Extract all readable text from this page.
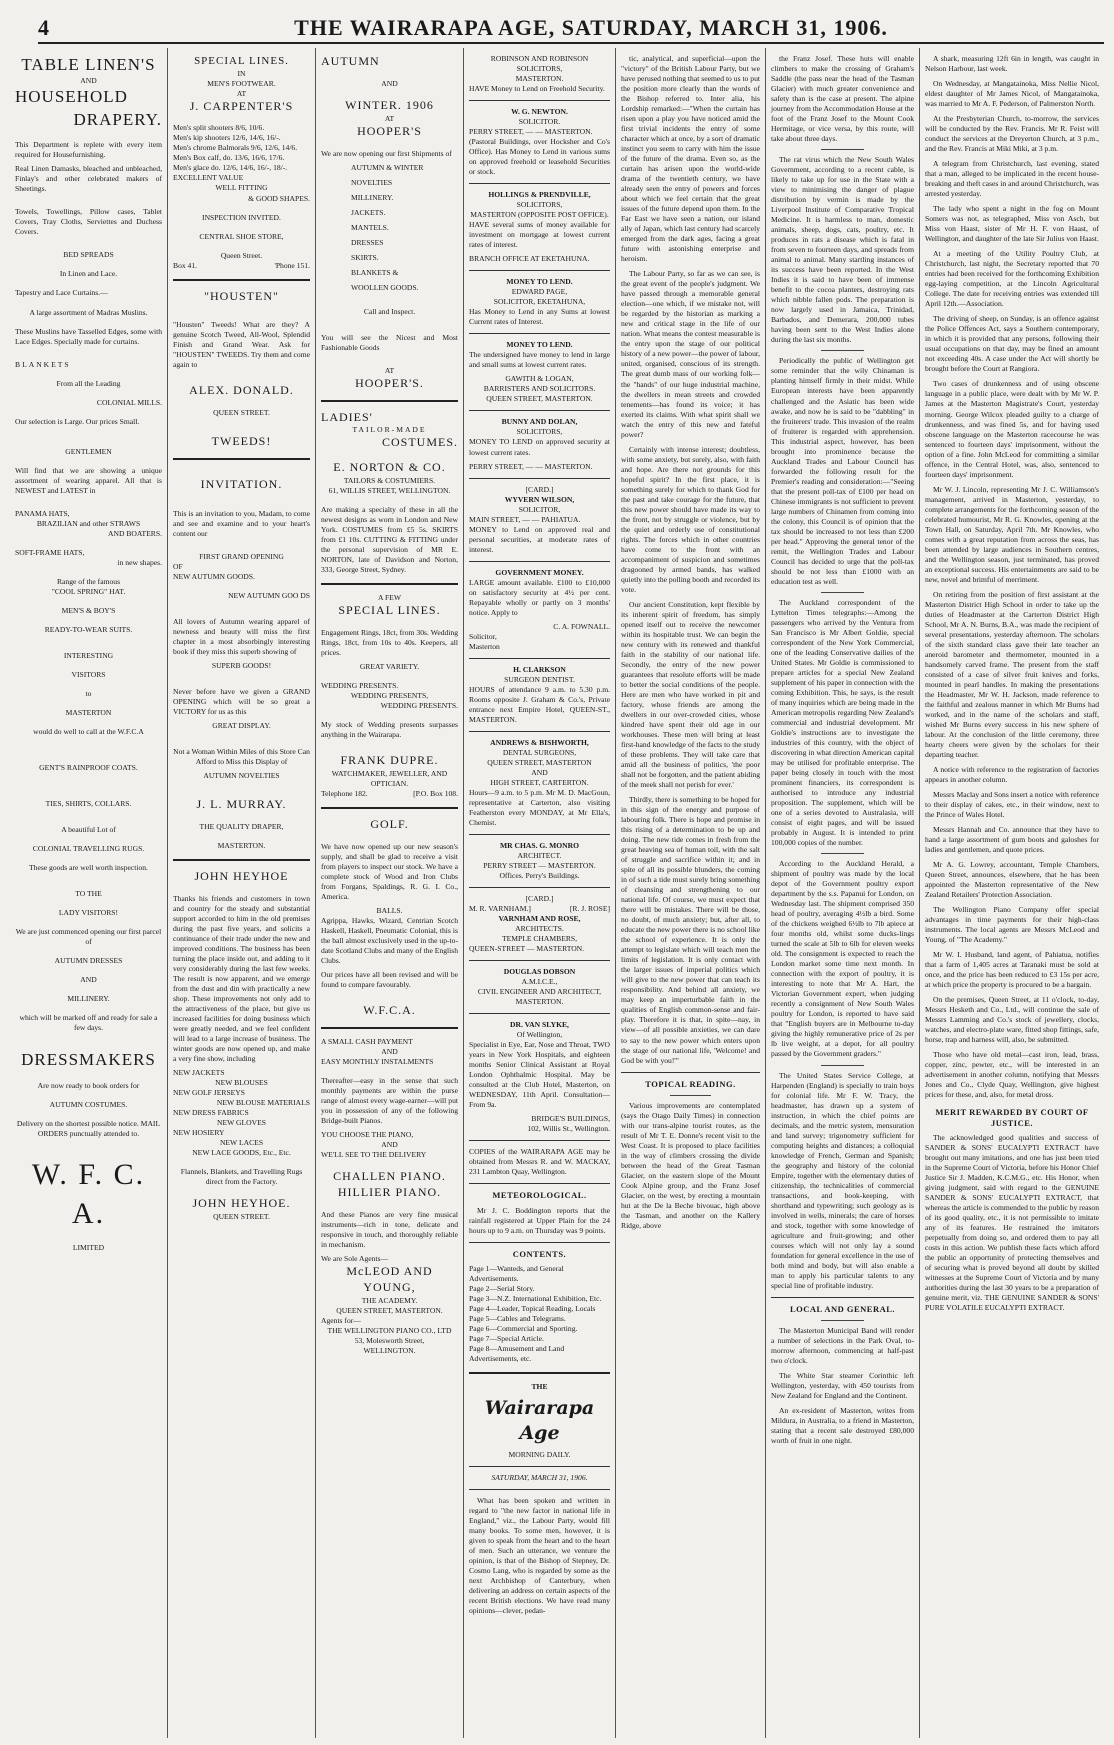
4	THE WAIRARAPA AGE, SATURDAY, MARCH 31, 1906.
TABLE LINEN'S
AND
HOUSEHOLD
DRAPERY.
This Department is replete with every item required for Housefurnishing.
Real Linen Damasks, bleached and unbleached, Finlay's and other celebrated makers of Sheetings.
Towels, Towellings, Pillow cases, Tablet Covers, Tray Cloths, Serviettes and Duchess Covers.
BED SPREADS
In Linen and Lace.
Tapestry and Lace Curtains.—
A large assortment of Madras Muslins.
These Muslins have Tasselled Edges, some with Lace Edges. Specially made for curtains.
BLANKETS
From all the Leading
COLONIAL MILLS.
Our selection is Large. Our prices Small.
GENTLEMEN
Will find that we are showing a unique assortment of wearing apparel. All that is NEWEST and LATEST in
PANAMA HATS,
BRAZILIAN and other STRAWS
AND BOATERS.
SOFT-FRAME HATS,
in new shapes.
Range of the famous
"COOL SPRING" HAT.
MEN'S & BOY'S
READY-TO-WEAR SUITS.
INTERESTING
VISITORS
to
MASTERTON
would do well to call at the W.F.C.A
GENT'S RAINPROOF COATS.
TIES, SHIRTS, COLLARS.
A beautiful Lot of
COLONIAL TRAVELLING RUGS.
These goods are well worth inspection.
TO THE
LADY VISITORS!
We are just commenced opening our first parcel of
AUTUMN DRESSES
AND
MILLINERY.
which will be marked off and ready for sale a few days.
DRESSMAKERS
Are now ready to book orders for
AUTUMN COSTUMES.
Delivery on the shortest possible notice. MAIL ORDERS punctually attended to.
W. F. C. A.
LIMITED
SPECIAL LINES.
IN
MEN'S FOOTWEAR.
AT
J. CARPENTER'S
Men's split shooters 8/6, 10/6.
Men's kip shooters 12/6, 14/6, 16/-.
Men's chrome Balmorals 9/6, 12/6, 14/6.
Men's Box calf, do. 13/6, 16/6, 17/6.
Men's glace do. 12/6, 14/6, 16/-, 18/-.
EXCELLENT VALUE
WELL FITTING
& GOOD SHAPES.
INSPECTION INVITED.
CENTRAL SHOE STORE,
Queen Street.
Box 41.	'Phone 151.
"HOUSTEN"
"Housten" Tweeds! What are they? A genuine Scotch Tweed, All-Wool, Splendid Finish and Grand Wear. Ask for "HOUSTEN" TWEEDS. Try them and come again to
ALEX. DONALD.
QUEEN STREET.
TWEEDS!
INVITATION.
This is an invitation to you, Madam, to come and see and examine and to your heart's content our
FIRST GRAND OPENING
OF
NEW AUTUMN GOODS.
NEW AUTUMN GOO DS
All lovers of Autumn wearing apparel of newness and beauty will miss the first chapter in a most absorbingly interesting book if they miss this superb showing of
SUPERB GOODS!
Never before have we given a GRAND OPENING which will be so great a VICTORY for us as this
GREAT DISPLAY.
Not a Woman Within Miles of this Store Can Afford to Miss this Display of
AUTUMN NOVELTIES
J. L. MURRAY.
THE QUALITY DRAPER,
MASTERTON.
JOHN HEYHOE
Thanks his friends and customers in town and country for the steady and substantial support accorded to him in the old premises during the past five years, and solicits a continuance of their trade under the new and improved conditions. The business has been turning the place inside out, and adding to it very considerably during the last few weeks. The result is now apparent, and we emerge from the dust and din with practically a new shop. These improvements not only add to the attractiveness of the place, but give us increased facilities for doing business which were greatly needed, and we feel confident will lead to a large increase of business. The winter goods are now opened up, and make a very fine show, including
NEW JACKETS
NEW BLOUSES
NEW GOLF JERSEYS
NEW BLOUSE MATERIALS
NEW DRESS FABRICS
NEW GLOVES
NEW HOSIERY
NEW LACES
NEW LACE GOODS, Etc., Etc.
Flannels, Blankets, and Travelling Rugs direct from the Factory.
JOHN HEYHOE.
QUEEN STREET.
AUTUMN
AND
WINTER. 1906
AT
HOOPER'S
We are now opening our first Shipments of
AUTUMN & WINTER
NOVELTIES
MILLINERY.
JACKETS.
MANTELS.
DRESSES
SKIRTS.
BLANKETS &
WOOLLEN GOODS.
Call and Inspect.
You will see the Nicest and Most Fashionable Goods
AT
HOOPER'S.
LADIES'
TAILOR-MADE
COSTUMES.
E. NORTON & CO.
TAILORS & COSTUMIERS.
61, WILLIS STREET, WELLINGTON.
Are making a specialty of these in all the newest designs as worn in London and New York. COSTUMES from £5 5s. SKIRTS from £1 10s. CUTTING & FITTING under the personal supervision of MR E. NORTON, late of Davidson and Norton, 333, George Street, Sydney.
A FEW
SPECIAL LINES.
Engagement Rings, 18ct, from 30s. Wedding Rings, 18ct, from 10s to 40s. Keepers, all prices.
GREAT VARIETY.
WEDDING PRESENTS.
WEDDING PRESENTS,
WEDDING PRESENTS.
My stock of Wedding presents surpasses anything in the Wairarapa.
FRANK DUPRE.
WATCHMAKER, JEWELLER, AND OPTICIAN.
Telephone 182.	[P.O. Box 108.
GOLF.
We have now opened up our new season's supply, and shall be glad to receive a visit from players to inspect our stock. We have a complete stock of Wood and Iron Clubs from Forgans, Spaldings, R. G. I. Co., America.
BALLS.
Agrippa, Hawks, Wizard, Centrian Scotch Haskell, Haskell, Pneumatic Colonial, this is the ball almost exclusively used in the up-to-date Scotland Clubs and many of the English Clubs.
Our prices have all been revised and will be found to compare favourably.
W.F.C.A.
A SMALL CASH PAYMENT
AND
EASY MONTHLY INSTALMENTS
Thereafter—easy in the sense that such monthly payments are within the purse range of almost every wage-earner—will put you in possession of any of the following Bridge-built Pianos.
YOU CHOOSE THE PIANO,
AND
WE'LL SEE TO THE DELIVERY
CHALLEN PIANO.
HILLIER PIANO.
And these Pianos are very fine musical instruments—rich in tone, delicate and responsive in touch, and thoroughly reliable in mechanism.
We are Sole Agents—
McLEOD AND YOUNG,
THE ACADEMY.
QUEEN STREET, MASTERTON.
Agents for—
THE WELLINGTON PIANO CO., LTD
53, Molesworth Street,
WELLINGTON.
ROBINSON AND ROBINSON
SOLICITORS,
MASTERTON.
HAVE Money to Lend on Freehold Security.
W. G. NEWTON.
SOLICITOR.
PERRY STREET, — — MASTERTON.
(Pastoral Buildings, over Hocksher and Co's Office). Has Money to Lend in various sums on approved freehold or leasehold Securities or stock.
HOLLINGS & PRENDVILLE,
SOLICITORS,
MASTERTON (OPPOSITE POST OFFICE).
HAVE several sums of money available for investment on mortgage at lowest current rates of interest.
BRANCH OFFICE AT EKETAHUNA.
MONEY TO LEND.
EDWARD PAGE,
SOLICITOR, EKETAHUNA,
Has Money to Lend in any Sums at lowest Current rates of Interest.
MONEY TO LEND.
The undersigned have money to lend in large and small sums at lowest current rates.
GAWITH & LOGAN,
BARRISTERS AND SOLICITORS.
QUEEN STREET, MASTERTON.
BUNNY AND DOLAN,
SOLICITORS,
MONEY TO LEND on approved security at lowest current rates.
PERRY STREET, — — MASTERTON.
[CARD.]
WYVERN WILSON,
SOLICITOR,
MAIN STREET, — — PAHIATUA.
MONEY to Lend on approved real and personal securities, at moderate rates of interest.
GOVERNMENT MONEY.
LARGE amount available. £100 to £10,000 on satisfactory security at 4½ per cent. Repayable wholly or partly on 3 months' notice. Apply to
C. A. FOWNALL.
Solicitor,
Masterton
H. CLARKSON
SURGEON DENTIST.
HOURS of attendance 9 a.m. to 5.30 p.m. Rooms opposite J. Graham & Co.'s, Private entrance next Empire Hotel, QUEEN-ST., MASTERTON.
ANDREWS & BISHWORTH,
DENTAL SURGEONS,
QUEEN STREET, MASTERTON
AND
HIGH STREET, CARTERTON.
Hours—9 a.m. to 5 p.m. Mr M. D. MacGoun, representative at Carterton, also visiting Featherston every MONDAY, at Mr Ella's, Chemist.
MR CHAS. G. MONRO
ARCHITECT.
PERRY STREET — MASTERTON.
Offices. Perry's Buildings.
[CARD.]
M. R. VARNHAM.]	[R. J. ROSE]
VARNHAM AND ROSE,
ARCHITECTS.
TEMPLE CHAMBERS,
QUEEN-STREET — MASTERTON.
DOUGLAS DOBSON
A.M.I.C.E.,
CIVIL ENGINEER AND ARCHITECT,
MASTERTON.
DR. VAN SLYKE,
Of Wellington,
Specialist in Eye, Ear, Nose and Throat, TWO years in New York Hospitals, and eighteen months Senior Clinical Assistant at Royal London Ophthalmic Hospital. May be consulted at the Club Hotel, Masterton, on WEDNESDAY, 11th April. Consultation—From 9a.
BRIDGE'S BUILDINGS,
102, Willis St., Wellington.
COPIES of the WAIRARAPA AGE may be obtained from Messrs R. and W. MACKAY, 231 Lambton Quay, Wellington.
METEOROLOGICAL.
Mr J. C. Boddington reports that the rainfall registered at Upper Plain for the 24 hours up to 9 a.m. on Thursday was 9 points.
CONTENTS.
Page 1—Wanteds, and General Advertisements.
Page 2—Serial Story.
Page 3—N.Z. International Exhibition, Etc.
Page 4—Leader, Topical Reading, Locals
Page 5—Cables and Telegrams.
Page 6—Commercial and Sporting.
Page 7—Special Article.
Page 8—Amusement and Land Advertisements, etc.
THE
Wairarapa Age
MORNING DAILY.
SATURDAY, MARCH 31, 1906.
What has been spoken and written in regard to "the new factor in national life in England," viz., the Labour Party, would fill many books. To some men, however, it is given to speak from the heart and to the heart of men. Such an utterance, we venture the opinion, is that of the Bishop of Stepney, Dr. Cosmo Lang, who is regarded by some as the next Archbishop of Canterbury, when delivering an address on certain aspects of the recent British elections. We have read many opinions—clever, pedan-
tic, analytical, and superficial—upon the "victory" of the British Labour Party, but we have perused nothing that seemed to us to put the position more clearly than the words of the Bishop referred to. Inter alia, his Lordship remarked:—"When the curtain has risen upon a play you have noticed amid the first trivial incidents the entry of some character which at once, by a sort of dramatic instinct you seem to carry with him the issue of the future of the drama. Even so, as the curtain has arisen upon the world-wide drama of the twentieth century, we have already seen the entry of powers and forces about which we feel certain that the great issues of the future depend upon them. In the Far East we have seen a nation, our island ally of Japan, which last century had scarcely emerged from the dark ages, facing a great future with astonishing enterprise and heroism.
The Labour Party, so far as we can see, is the great event of the people's judgment. We have passed through a memorable general election—one which, if we mistake not, will be regarded by the historian as marking a new and critical stage in the life of our nation. What means the contest measurable is the entry upon the stage of our political history of a new power—the power of labour, united, organised, conscious of its strength. The great dumb mass of our working folk—the "hands" of our huge industrial machine, the dwellers in mean streets and crowded tenements—has found its voice; it has exerted its claims. With what spirit shall we watch the entry of this new and fateful power?
Certainly with intense interest; doubtless, with some anxiety, but surely, also, with faith and hope. Are there not grounds for this hopeful spirit? In the first place, it is something surely for which to thank God for the past and take courage for the future, that this new power should have made its way to the front, not by struggle or violence, but by the quiet and orderly use of constitutional rights. The forces which in other countries have come to the front with an accompaniment of suspicion and sometimes dragooned by armed bands, has walked quietly into the polling booth and recorded its vote.
Our ancient Constitution, kept flexible by its inherent spirit of freedom, has simply opened itself out to receive the newcomer within its hospitable trust. We can begin the new century with its renewed and thankful faith in the stability of our national life. Secondly, the entry of the new power guarantees that resolute efforts will be made to better the social conditions of the people. Here are men who have worked in pit and factory, whose friends are among the dwellers in our over-crowded cities, whose kindred have spent their old age in our workhouses. These men will bring at least first-hand knowledge of the facts to the study of these problems. They will take care that amid all the business of politics, 'the poor shall not be forgotten, and the patient abiding of the meek shall not perish for ever.'
Thirdly, there is something to be hoped for in this sign of the energy and purpose of labouring folk. There is hope and promise in this rising of a determination to be up and doing. The new tide comes in fresh from the great heaving sea of human toil, with the salt of struggle and sacrifice within it; and in spite of all its possible blunders, the coming in of such a tide must surely bring something of cleansing and strengthening to our national life. Of course, we must expect that there will be mistakes. There will be those, no doubt, of much anxiety; but, after all, to educate the new power there is no school like the school of experience. It is only the attempt to legislate which will teach men the limits of legislation. It is only contact with the larger issues of imperial politics which will give to the new power that can teach its responsibility. And behind all anxiety, we may keep an imperturbable faith in the qualities of English common-sense and fair-play. Therefore it is that, in spite—nay, in view—of all possible anxieties, we can dare to say to the new power which enters upon the stage of our national life, 'Welcome! and God be with you!'"
TOPICAL READING.
Various improvements are contemplated (says the Otago Daily Times) in connection with our trans-alpine tourist routes, as the result of Mr T. E. Donne's recent visit to the West Coast. It is proposed to place facilities in the way of climbers crossing the divide between the head of the Great Tasman Glacier, on the eastern slope of the Mount Cook Alpine group, and the Franz Josef Glacier, on the west, by erecting a mountain hut at the De la Beche bivouac, high above the Tasman, and another on the Kallery Ridge, above
the Franz Josef. These huts will enable climbers to make the crossing of Graham's Saddle (the pass near the head of the Tasman Glacier) with much greater convenience and safety than is the case at present. The alpine journey from the Accommodation House at the foot of the Franz Josef to the Mount Cook Hermitage, or vice versa, by this route, will take about three days.
The rat virus which the New South Wales Government, according to a recent cable, is likely to take up for use in the State with a view to minimising the danger of plague distribution by vermin is made by the Liverpool Institute of Comparative Tropical Medicine. It is harmless to man, domestic animals, sheep, dogs, cats, poultry, etc. It produces in rats a disease which is fatal in from seven to fourteen days, and spreads from animal to animal. Many startling instances of its success have been reported. In the West Indies it is said to have been of immense benefit to the cocoa planters, destroying rats which nibble fallen pods. The preparation is now largely used in Jamaica, Trinidad, Barbados, and Demerara, 200,000 tubes having been sent to the West Indies alone during the last six months.
Periodically the public of Wellington get some reminder that the wily Chinaman is planting himself firmly in their midst. While European interests have been apparently challenged and the Asiatic has been wide awake, and now he is said to be "dabbling" in the fruiterers' trade. This invasion of the realm of fruiterer is regarded with apprehension. This industrial aspect, however, has been brought into prominence because the Auckland Trades and Labour Council has forwarded the following result for the Premier's reading and consideration:—"Seeing that the present poll-tax of £100 per head on Chinese immigrants is not sufficient to prevent large numbers of Chinamen from coming into the colony, this Council is of opinion that the tax should be increased to not less than £200 per head." Approving the general tenor of the remit, the Wellington Trades and Labour Council has decided to urge that the poll-tax should be not less than £1000 with an education test as well.
The Auckland correspondent of the Lyttelton Times telegraphs:—Among the passengers who arrived by the Ventura from San Francisco is Mr Albert Goldie, special correspondent of the New York Commercial, one of the leading Conservative dailies of the United States. Mr Goldie is commissioned to prepare articles for a special New Zealand supplement of his paper in connection with the coming Exhibition. This, he says, is the result of many inquiries which are being made in the American metropolis regarding New Zealand's commercial and industrial development. Mr Goldie's instructions are to investigate the industries of this country, with the object of discovering in what direction American capital may be utilised for profitable enterprise. The paper being closely in touch with the most prominent financiers, its correspondent is authorised to introduce any industrial proposition. The supplement, which will be one of a series devoted to Australasia, will consist of eight pages, and will be issued probably in August. It is intended to print 100,000 copies of the number.
According to the Auckland Herald, a shipment of poultry was made by the local depot of the Government poultry export department by the s.s. Papanui for London, on Wednesday last. The shipment comprised 350 head of poultry, averaging 4½lb a bird. Some of the chickens weighed 6½lb to 7lb apiece at four months old, whilst some ducks-lings turned the scale at 5lb to 6lb for eleven weeks old. The consignment is expected to reach the London market some time next month. In connection with the export of poultry, it is interesting to note that Mr A. Hart, the Victorian Government expert, when judging recently a consignment of New South Wales poultry for London, is reported to have said that "English buyers are in Melbourne to-day giving the highly remunerative price of 2s per lb live weight, at a depot, for all poultry passed by the Government graders."
The United States Service College, at Harpenden (England) is specially to train boys for colonial life. Mr F. W. Tracy, the headmaster, has drawn up a system of instruction, in which the chief points are decimals, and the metric system, mensuration and land survey; trigonometry sufficient for computing heights and distances; a colloquial knowledge of French, German and Spanish; the geography and history of the colonial Empire, together with the elementary duties of citizenship, the technicalities of commercial transactions, and book-keeping, with shorthand and typewriting; such geology as is involved in wells, minerals; the care of horses and stock, together with some knowledge of agriculture and fruit-growing; and other courses which will not only lay a sound foundation for general excellence in the use of both mind and body, but will also enable a man to apply his particular talents to any special line of profitable industry.
LOCAL AND GENERAL.
The Masterton Municipal Band will render a number of selections in the Park Oval, to-morrow afternoon, commencing at half-past two o'clock.
The White Star steamer Corinthic left Wellington, yesterday, with 450 tourists from New Zealand for England and the Continent.
An ex-resident of Masterton, writes from Mildura, in Australia, to a friend in Masterton, stating that a recent sale destroyed £80,000 worth of fruit in one night.
A shark, measuring 12ft 6in in length, was caught in Nelson Harbour, last week.
On Wednesday, at Mangatainoka, Miss Nellie Nicol, eldest daughter of Mr James Nicol, of Mangatainoka, was married to Mr A. F. Pederson, of Palmerston North.
At the Presbyterian Church, to-morrow, the services will be conducted by the Rev. Francis. Mr R. Feist will conduct the services at the Dreyerton Church, at 3 p.m., and the Rev. Francis at Miki Miki, at 3 p.m.
A telegram from Christchurch, last evening, stated that a man, alleged to be implicated in the recent house-breaking and theft cases in and around Christchurch, was arrested yesterday.
The lady who spent a night in the fog on Mount Somers was not, as telegraphed, Miss von Asch, but Miss von Haast, sister of Mr H. F. von Haast, of Wellington, and daughter of the late Sir Julius von Haast.
At a meeting of the Utility Poultry Club, at Christchurch, last night, the Secretary reported that 70 entries had been received for the forthcoming Exhibition egg-laying competition, at the Lincoln Agricultural College. The date for receiving entries was extended till April 12th.—Association.
The driving of sheep, on Sunday, is an offence against the Police Offences Act, says a Southern contemporary, in which it is provided that any persons, following their usual occupations on that day, may be fined an amount not exceeding 40s. A case under the Act will shortly be brought before the Court at Rangiora.
Two cases of drunkenness and of using obscene language in a public place, were dealt with by Mr W. P. James at the Masterton Magistrate's Court, yesterday morning. George Wilcox pleaded guilty to a charge of drunkenness, and was fined 5s, and for having used obscene language on the Masterton racecourse he was sentenced to fourteen days' imprisonment, without the option of a fine. John McLeod for committing a similar offence, in the Central Hotel, was, also, sentenced to fourteen days' imprisonment.
Mr W. J. Lincoln, representing Mr J. C. Williamson's management, arrived in Masterton, yesterday, to complete arrangements for the forthcoming season of the celebrated humourist, Mr R. G. Knowles, opening at the Town Hall, on Saturday, April 7th. Mr Knowles, who comes with a great reputation from across the seas, has been attended by large audiences in Southern centres, and the Wellington season, just terminated, has proved an exceptional success. His entertainments are said to be new, novel and brimful of merriment.
On retiring from the position of first assistant at the Masterton District High School in order to take up the duties of Headmaster at the Carterton District High School, Mr A. N. Burns, B.A., was made the recipient of several presentations, yesterday afternoon. The scholars of the sixth standard class gave their late teacher an aneroid barometer and thermometer, mounted in a handsomely carved frame. The present from the staff consisted of a case of silver fruit knives and forks, mounted in pearl handles. In making the presentations the Headmaster, Mr W. H. Jackson, made reference to the faithful and zealous manner in which Mr Burns had worked, and in the name of the scholars and staff, wished Mr Burns every success in his new sphere of labour. At the conclusion of the little ceremony, three hearty cheers were given by the scholars for their departing teacher.
A notice with reference to the registration of factories appears in another column.
Messrs Maclay and Sons insert a notice with reference to their display of cakes, etc., in their window, next to the Prince of Wales Hotel.
Messrs Hannah and Co. announce that they have to hand a large assortment of gum boots and galoshes for ladies and gentlemen, and quote prices.
Mr A. G. Lowrey, accountant, Temple Chambers, Queen Street, announces, elsewhere, that he has been appointed the Masterton representative of the New Zealand Retailers' Protection Association.
The Wellington Piano Company offer special advantages in time payments for their high-class instruments. The local agents are Messrs McLeod and Young, of "The Academy."
Mr W. I. Husband, land agent, of Pahiatua, notifies that a farm of 1,405 acres at Taranaki must be sold at once, and the price has been reduced to £3 15s per acre, at which price the property is procured to be a bargain.
On the premises, Queen Street, at 11 o'clock, to-day, Messrs Hesketh and Co., Ltd., will continue the sale of Messrs Lamming and Co.'s stock of jewellery, clocks, watches, and electro-plate ware, fitted shop fittings, safe, horse, trap and harness will, also, be submitted.
Those who have old metal—cast iron, lead, brass, copper, zinc, pewter, etc., will be interested in an advertisement in another column, notifying that Messrs Jones and Co., Clyde Quay, Wellington, give highest prices for these, and, also, for metal dross.
MERIT REWARDED BY COURT OF JUSTICE.
The acknowledged good qualities and success of SANDER & SONS' EUCALYPTI EXTRACT have brought out many imitations, and one has just been tried in the Supreme Court of Victoria, before his Honor Chief Justice Sir J. Madden, K.C.M.G., etc. His Honor, when giving judgment, said with regard to the GENUINE SANDER & SONS' EUCALYPTI EXTRACT, that whereas the article is commended to the public by reason of its good quality, etc., it is not permissible to imitate any of its features. He restrained the imitators perpetually from doing so, and ordered them to pay all costs in this action. We publish these facts which afford the public an opportunity of protecting themselves and of securing what is proved beyond all doubt by skilled witnesses at the Supreme Court of Victoria and by many authorities during the last 30 years to be a preparation of genuine merit, viz. THE GENUINE SANDER & SONS' PURE VOLATILE EUCALYPTI EXTRACT.
